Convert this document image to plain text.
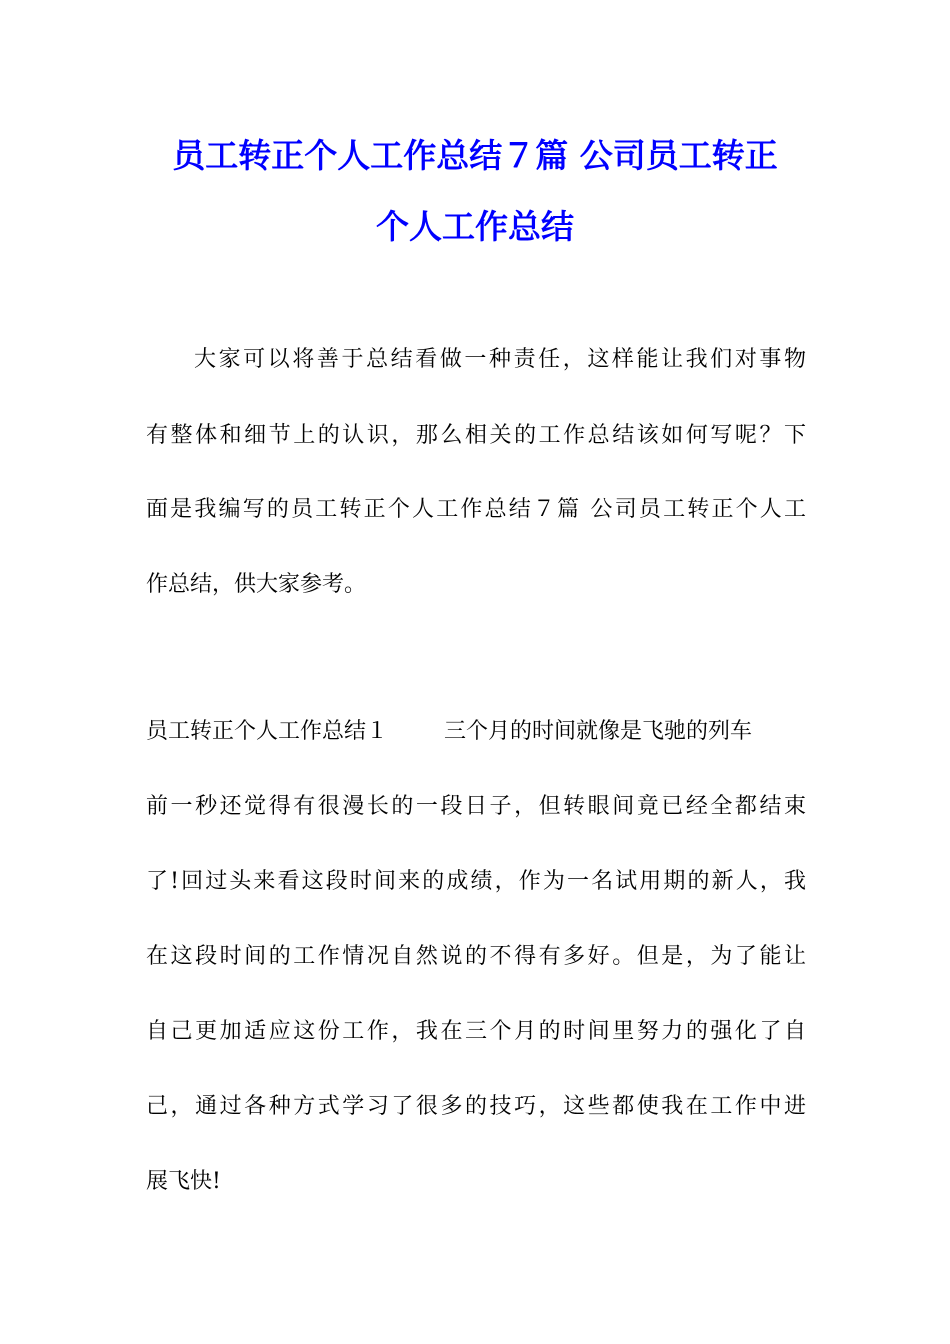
员工转正个人工作总结７篇 公司员工转正
个人工作总结
大家可以将善于总结看做一种责任，这样能让我们对事物
有整体和细节上的认识，那么相关的工作总结该如何写呢？下
面是我编写的员工转正个人工作总结７篇 公司员工转正个人工
作总结，供大家参考。
员工转正个人工作总结１	三个月的时间就像是飞驰的列车
前一秒还觉得有很漫长的一段日子，但转眼间竟已经全都结束
了!回过头来看这段时间来的成绩，作为一名试用期的新人，我
在这段时间的工作情况自然说的不得有多好。但是，为了能让
自己更加适应这份工作，我在三个月的时间里努力的强化了自
己，通过各种方式学习了很多的技巧，这些都使我在工作中进
展飞快!
